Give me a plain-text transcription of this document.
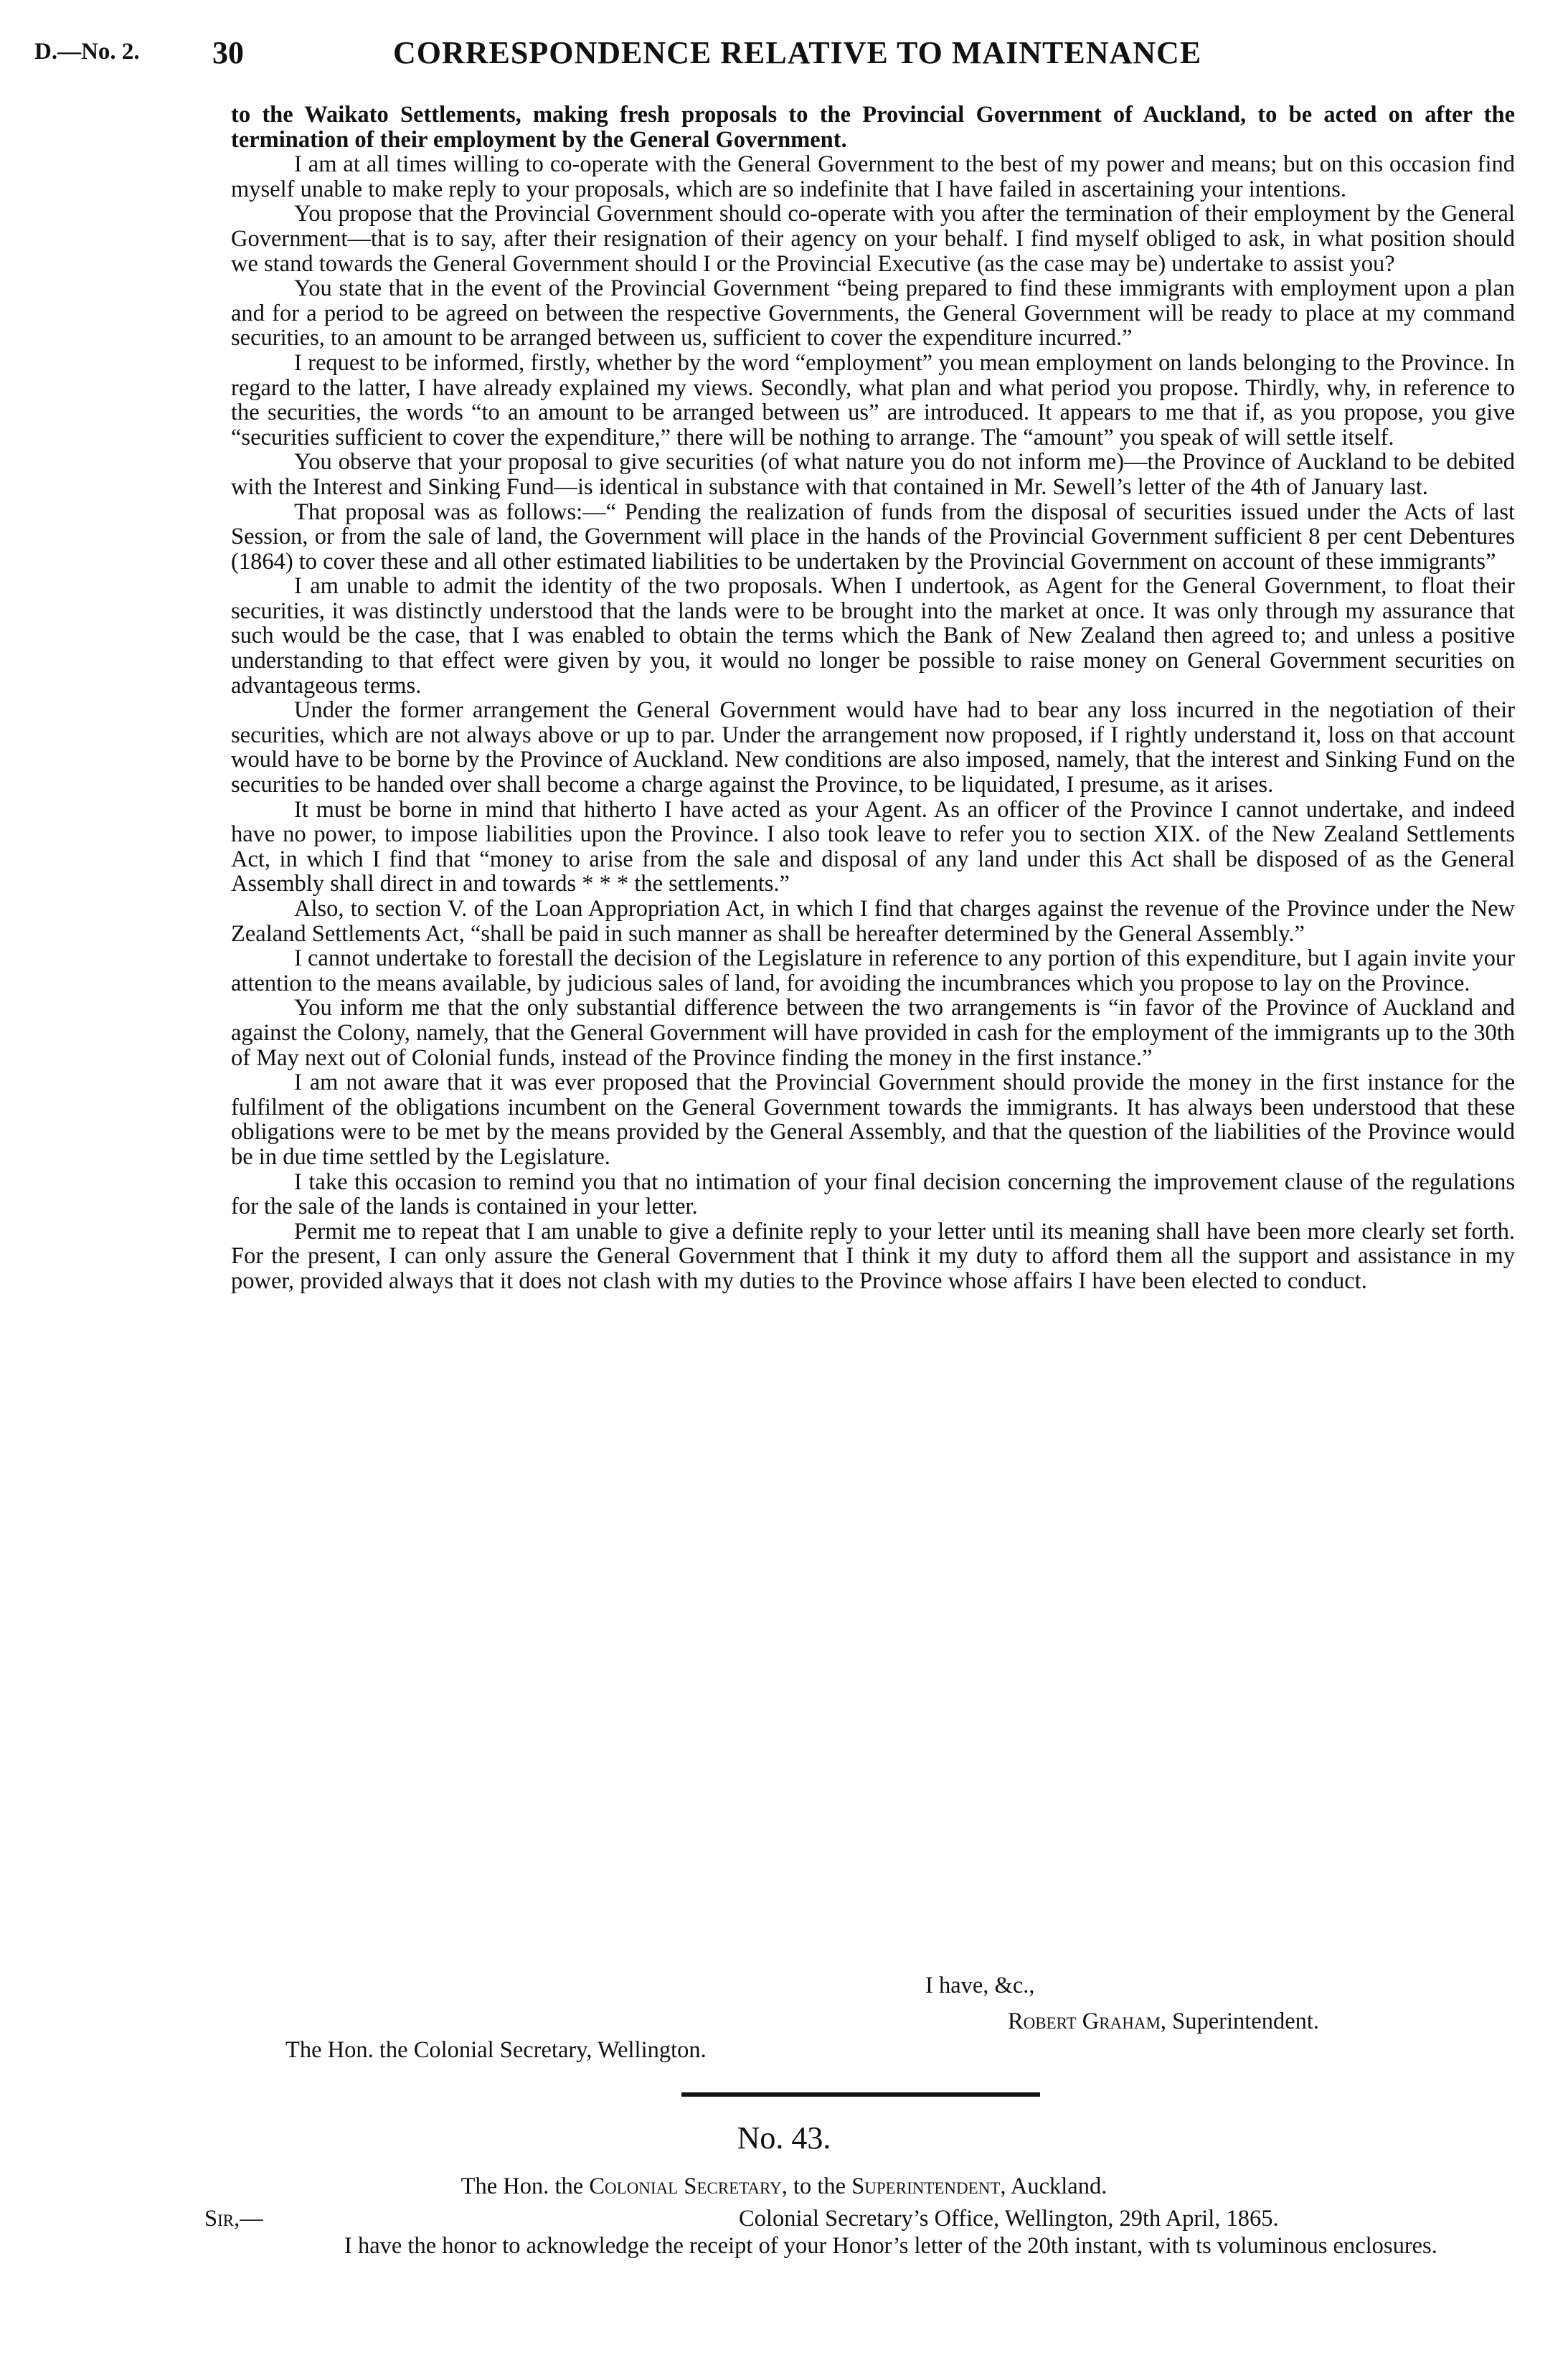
D.—No. 2. 30	CORRESPONDENCE RELATIVE TO MAINTENANCE

to the Waikato Settlements, making fresh proposals to the Provincial Government of Auckland, to be acted on after the termination of their employment by the General Government.

I am at all times willing to co-operate with the General Government to the best of my power and means; but on this occasion find myself unable to make reply to your proposals, which are so indefinite that I have failed in ascertaining your intentions.

You propose that the Provincial Government should co-operate with you after the termination of their employment by the General Government—that is to say, after their resignation of their agency on your behalf. I find myself obliged to ask, in what position should we stand towards the General Government should I or the Provincial Executive (as the case may be) undertake to assist you?

You state that in the event of the Provincial Government “being prepared to find these immigrants with employment upon a plan and for a period to be agreed on between the respective Governments, the General Government will be ready to place at my command securities, to an amount to be arranged between us, sufficient to cover the expenditure incurred.”

I request to be informed, firstly, whether by the word “employment” you mean employment on lands belonging to the Province. In regard to the latter, I have already explained my views. Secondly, what plan and what period you propose. Thirdly, why, in reference to the securities, the words “to an amount to be arranged between us” are introduced. It appears to me that if, as you propose, you give “securities sufficient to cover the expenditure,” there will be nothing to arrange. The “amount” you speak of will settle itself.

You observe that your proposal to give securities (of what nature you do not inform me)—the Province of Auckland to be debited with the Interest and Sinking Fund—is identical in substance with that contained in Mr. Sewell’s letter of the 4th of January last.

That proposal was as follows:—“ Pending the realization of funds from the disposal of securities issued under the Acts of last Session, or from the sale of land, the Government will place in the hands of the Provincial Government sufficient 8 per cent Debentures (1864) to cover these and all other estimated liabilities to be undertaken by the Provincial Government on account of these immigrants”

I am unable to admit the identity of the two proposals. When I undertook, as Agent for the General Government, to float their securities, it was distinctly understood that the lands were to be brought into the market at once. It was only through my assurance that such would be the case, that I was enabled to obtain the terms which the Bank of New Zealand then agreed to; and unless a positive understanding to that effect were given by you, it would no longer be possible to raise money on General Government securities on advantageous terms.

Under the former arrangement the General Government would have had to bear any loss incurred in the negotiation of their securities, which are not always above or up to par. Under the arrangement now proposed, if I rightly understand it, loss on that account would have to be borne by the Province of Auckland. New conditions are also imposed, namely, that the interest and Sinking Fund on the securities to be handed over shall become a charge against the Province, to be liquidated, I presume, as it arises.

It must be borne in mind that hitherto I have acted as your Agent. As an officer of the Province I cannot undertake, and indeed have no power, to impose liabilities upon the Province. I also took leave to refer you to section XIX. of the New Zealand Settlements Act, in which I find that “money to arise from the sale and disposal of any land under this Act shall be disposed of as the General Assembly shall direct in and towards * * * the settlements.”

Also, to section V. of the Loan Appropriation Act, in which I find that charges against the revenue of the Province under the New Zealand Settlements Act, “shall be paid in such manner as shall be hereafter determined by the General Assembly.”

I cannot undertake to forestall the decision of the Legislature in reference to any portion of this expenditure, but I again invite your attention to the means available, by judicious sales of land, for avoiding the incumbrances which you propose to lay on the Province.

You inform me that the only substantial difference between the two arrangements is “in favor of the Province of Auckland and against the Colony, namely, that the General Government will have provided in cash for the employment of the immigrants up to the 30th of May next out of Colonial funds, instead of the Province finding the money in the first instance.”

I am not aware that it was ever proposed that the Provincial Government should provide the money in the first instance for the fulfilment of the obligations incumbent on the General Government towards the immigrants. It has always been understood that these obligations were to be met by the means provided by the General Assembly, and that the question of the liabilities of the Province would be in due time settled by the Legislature.

I take this occasion to remind you that no intimation of your final decision concerning the improvement clause of the regulations for the sale of the lands is contained in your letter.

Permit me to repeat that I am unable to give a definite reply to your letter until its meaning shall have been more clearly set forth. For the present, I can only assure the General Government that I think it my duty to afford them all the support and assistance in my power, provided always that it does not clash with my duties to the Province whose affairs I have been elected to conduct.

I have, &c.,
Robert Graham, Superintendent.
The Hon. the Colonial Secretary, Wellington.
No. 43.
The Hon. the Colonial Secretary, to the Superintendent, Auckland.
Sir,—	Colonial Secretary’s Office, Wellington, 29th April, 1865.

I have the honor to acknowledge the receipt of your Honor’s letter of the 20th instant, with ts voluminous enclosures.
